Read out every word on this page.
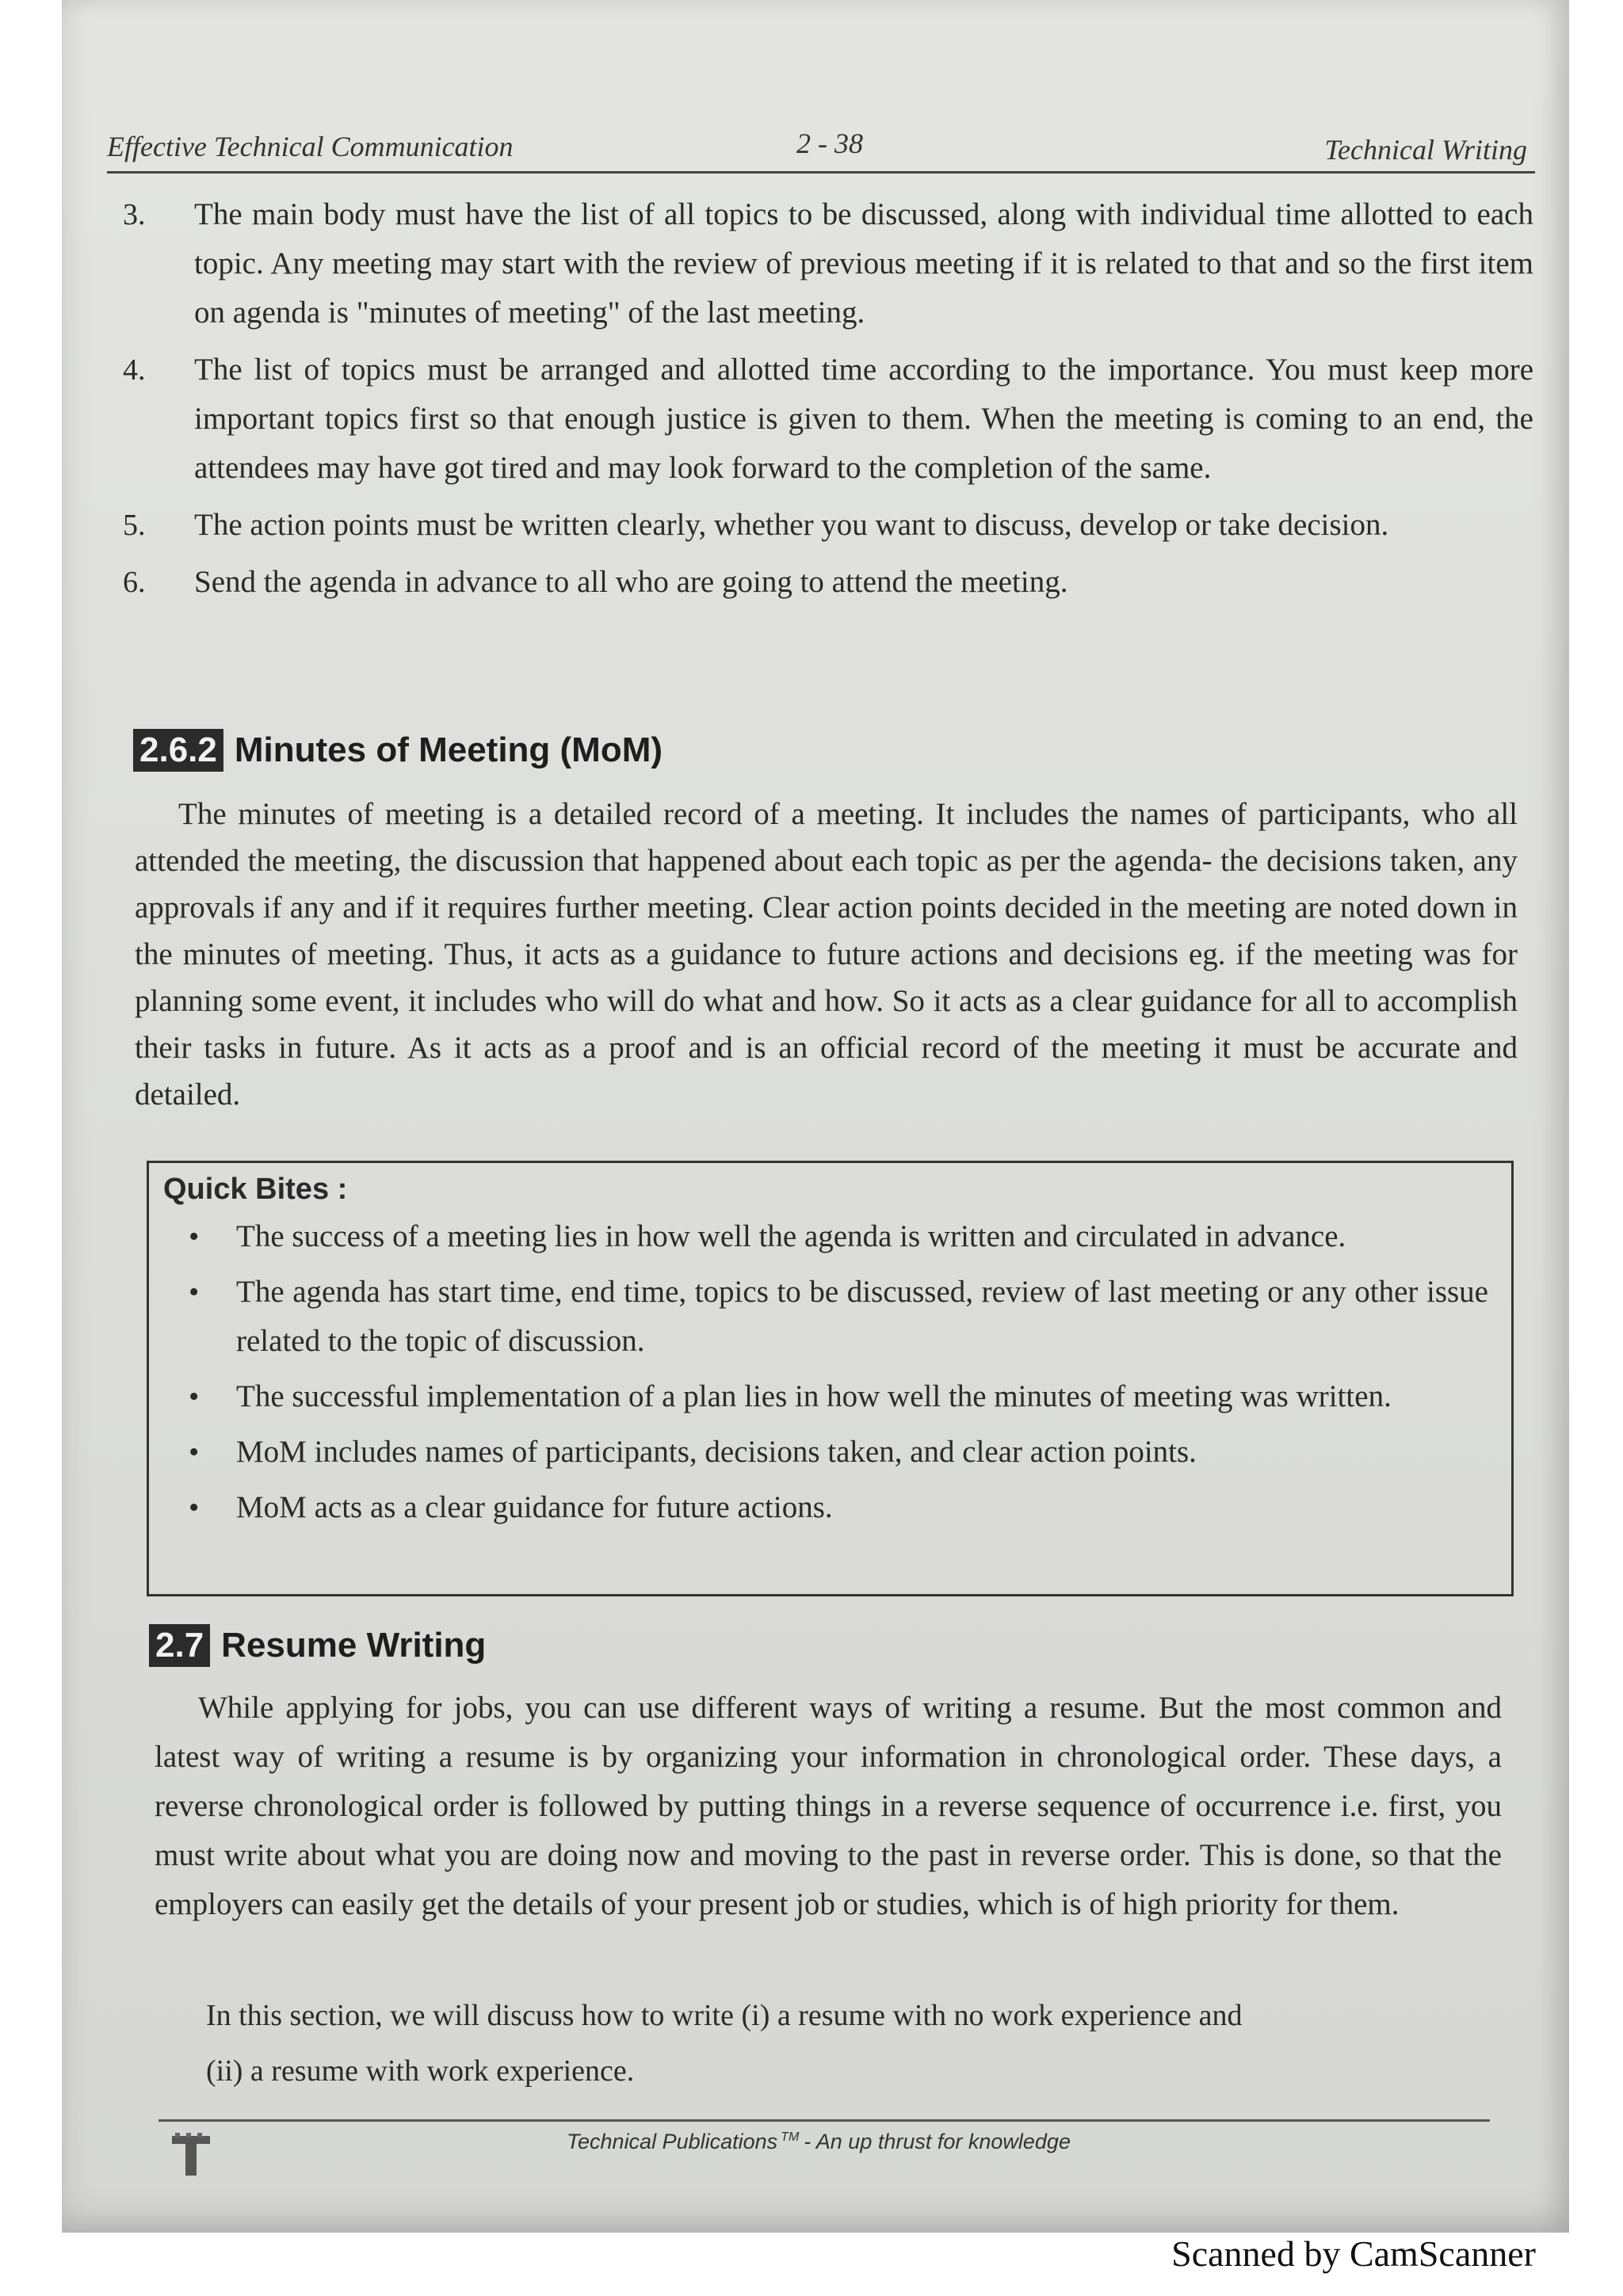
Effective Technical Communication	2 - 38	Technical Writing
3.	The main body must have the list of all topics to be discussed, along with individual time allotted to each topic. Any meeting may start with the review of previous meeting if it is related to that and so the first item on agenda is "minutes of meeting" of the last meeting.
4.	The list of topics must be arranged and allotted time according to the importance. You must keep more important topics first so that enough justice is given to them. When the meeting is coming to an end, the attendees may have got tired and may look forward to the completion of the same.
5.	The action points must be written clearly, whether you want to discuss, develop or take decision.
6.	Send the agenda in advance to all who are going to attend the meeting.
2.6.2 Minutes of Meeting (MoM)
The minutes of meeting is a detailed record of a meeting. It includes the names of participants, who all attended the meeting, the discussion that happened about each topic as per the agenda- the decisions taken, any approvals if any and if it requires further meeting. Clear action points decided in the meeting are noted down in the minutes of meeting. Thus, it acts as a guidance to future actions and decisions eg. if the meeting was for planning some event, it includes who will do what and how. So it acts as a clear guidance for all to accomplish their tasks in future. As it acts as a proof and is an official record of the meeting it must be accurate and detailed.
Quick Bites :
•	The success of a meeting lies in how well the agenda is written and circulated in advance.
•	The agenda has start time, end time, topics to be discussed, review of last meeting or any other issue related to the topic of discussion.
•	The successful implementation of a plan lies in how well the minutes of meeting was written.
•	MoM includes names of participants, decisions taken, and clear action points.
•	MoM acts as a clear guidance for future actions.
2.7 Resume Writing
While applying for jobs, you can use different ways of writing a resume. But the most common and latest way of writing a resume is by organizing your information in chronological order. These days, a reverse chronological order is followed by putting things in a reverse sequence of occurrence i.e. first, you must write about what you are doing now and moving to the past in reverse order. This is done, so that the employers can easily get the details of your present job or studies, which is of high priority for them.
In this section, we will discuss how to write (i) a resume with no work experience and
(ii) a resume with work experience.
Technical Publications ™ - An up thrust for knowledge
Scanned by CamScanner
